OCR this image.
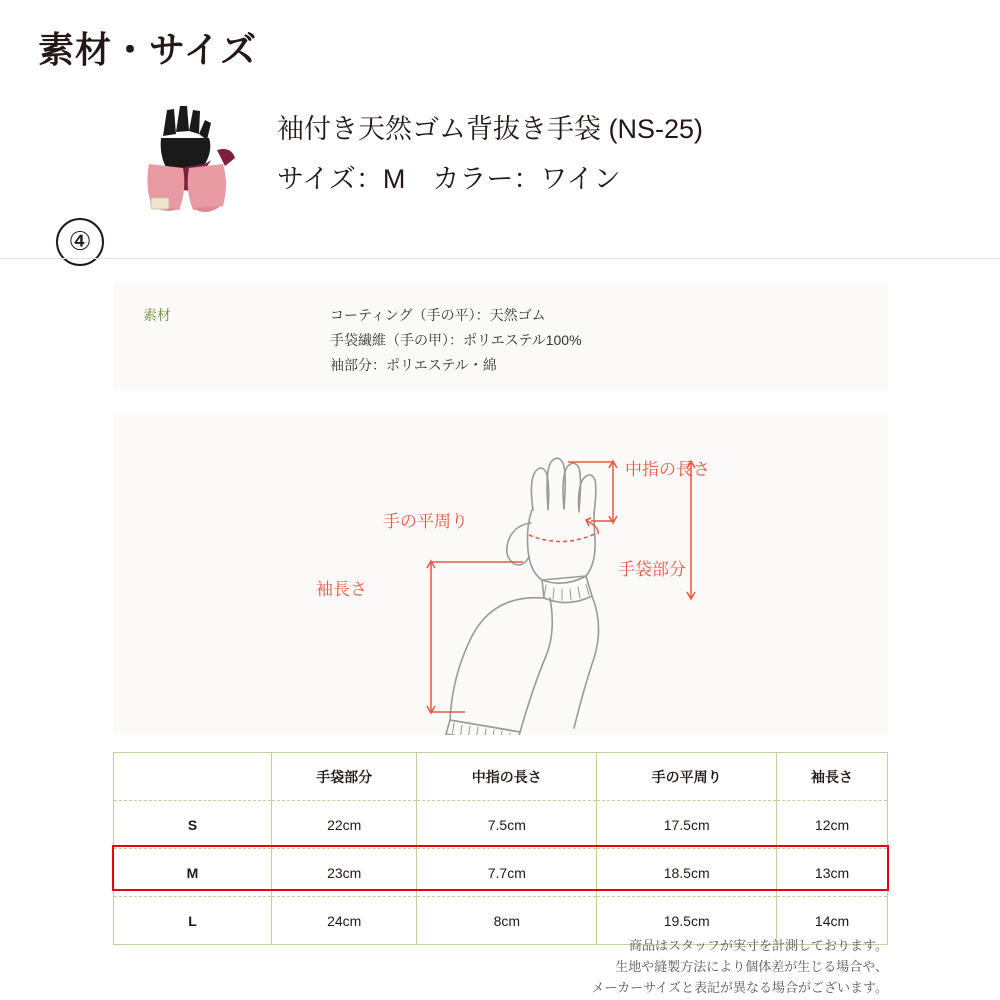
素材・サイズ
④
袖付き天然ゴム背抜き手袋 (NS-25)
サイズ：M　カラー：ワイン
素材	コーティング（手の平）：天然ゴム
手袋繊維（手の甲）：ポリエステル100%
袖部分：ポリエステル・綿
中指の長さ
手の平周り
手袋部分
袖長さ
	手袋部分	中指の長さ	手の平周り	袖長さ
S	22cm	7.5cm	17.5cm	12cm
M	23cm	7.7cm	18.5cm	13cm
L	24cm	8cm	19.5cm	14cm
商品はスタッフが実寸を計測しております。
生地や縫製方法により個体差が生じる場合や、
メーカーサイズと表記が異なる場合がございます。
